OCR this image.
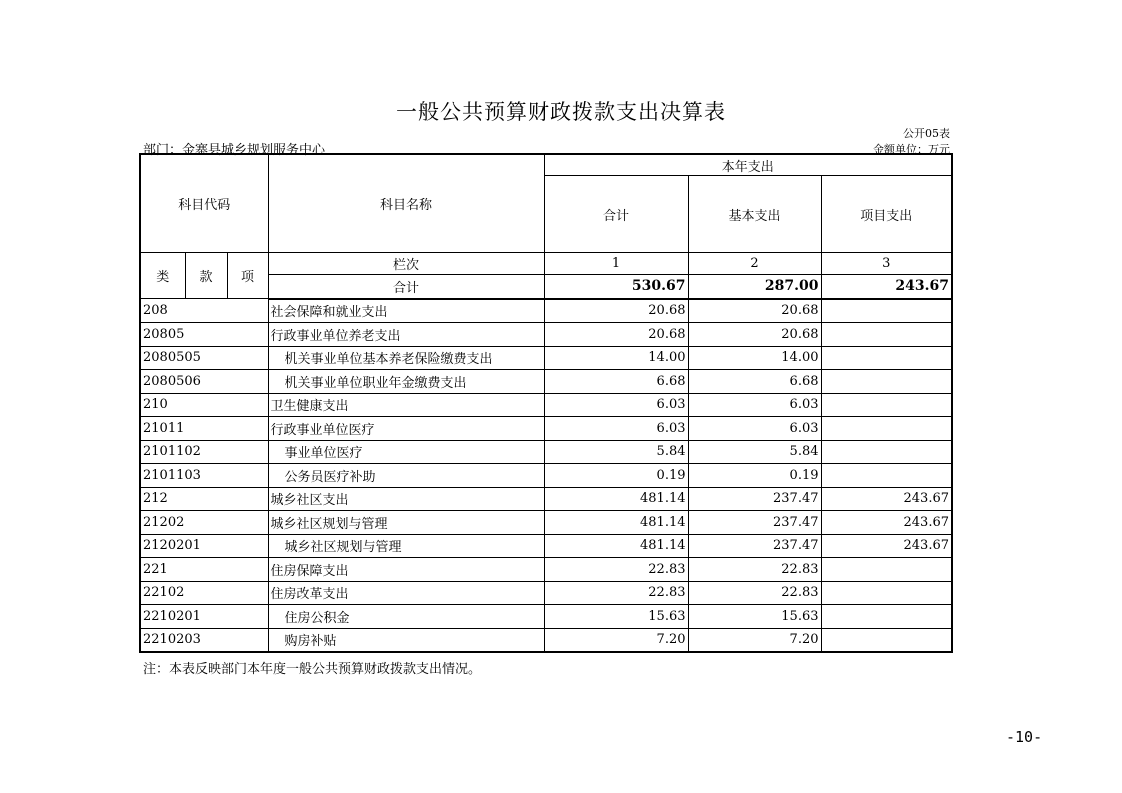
一般公共预算财政拨款支出决算表
公开05表
部门：金寨县城乡规划服务中心	金额单位：万元
科目代码			科目名称	本年支出		
				合计	基本支出	项目支出
类	款	项	栏次	1	2	3
			合计	530.67	287.00	243.67
208			社会保障和就业支出	20.68	20.68	
20805			行政事业单位养老支出	20.68	20.68	
2080505			机关事业单位基本养老保险缴费支出	14.00	14.00	
2080506			机关事业单位职业年金缴费支出	6.68	6.68	
210			卫生健康支出	6.03	6.03	
21011			行政事业单位医疗	6.03	6.03	
2101102			事业单位医疗	5.84	5.84	
2101103			公务员医疗补助	0.19	0.19	
212			城乡社区支出	481.14	237.47	243.67
21202			城乡社区规划与管理	481.14	237.47	243.67
2120201			城乡社区规划与管理	481.14	237.47	243.67
221			住房保障支出	22.83	22.83	
22102			住房改革支出	22.83	22.83	
2210201			住房公积金	15.63	15.63	
2210203			购房补贴	7.20	7.20	
注：本表反映部门本年度一般公共预算财政拨款支出情况。
-10-
